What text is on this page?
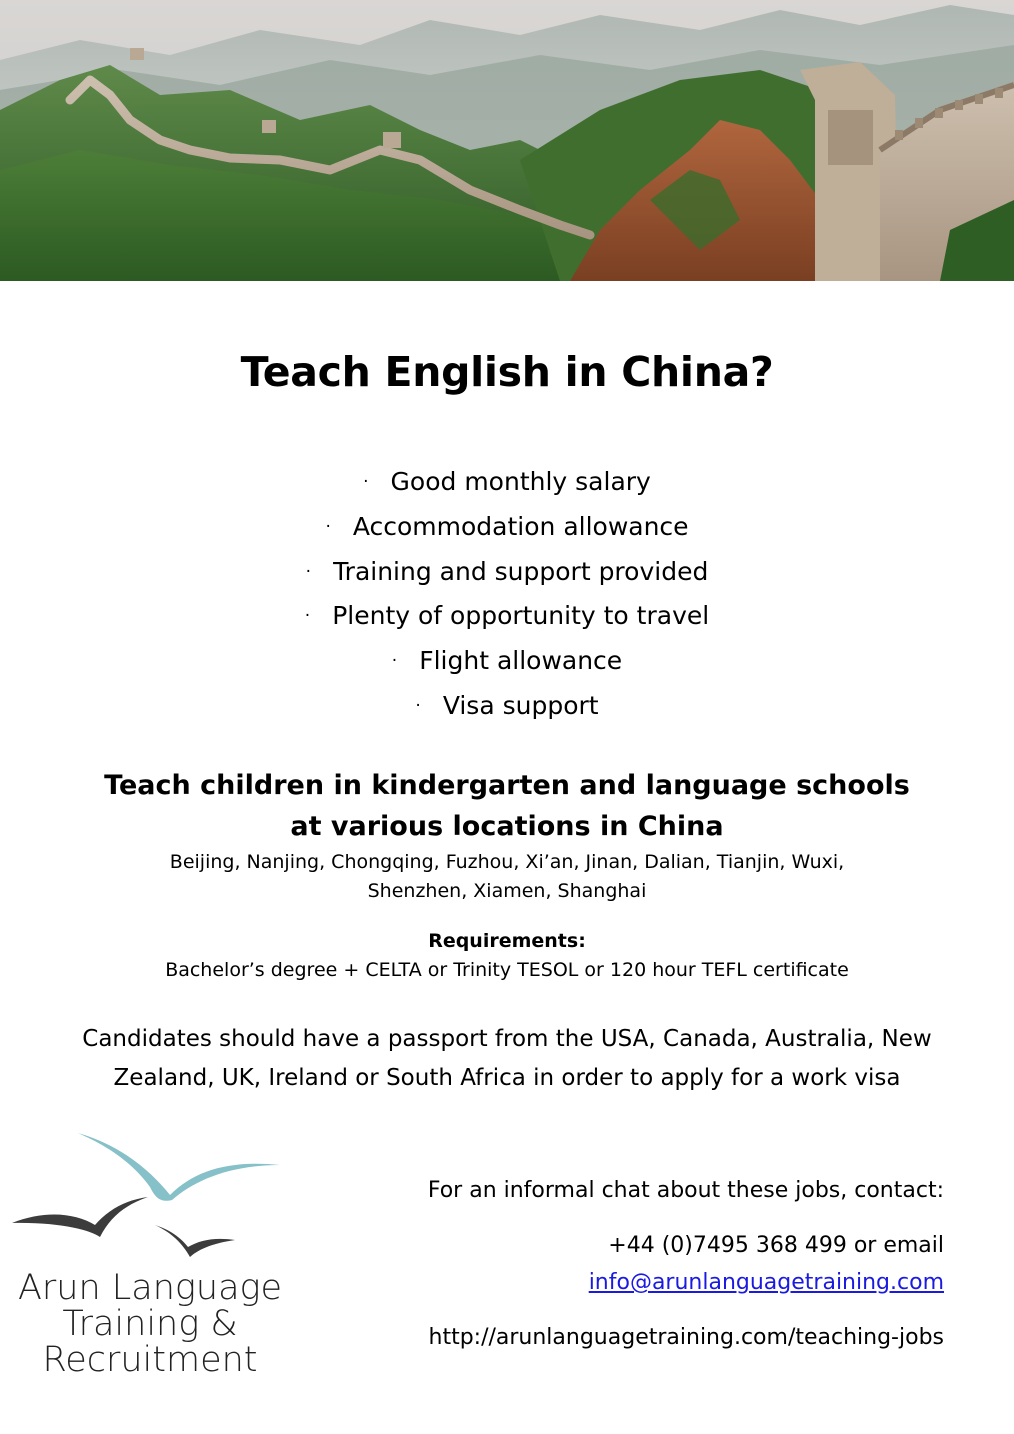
Teach English in China?
· Good monthly salary
· Accommodation allowance
· Training and support provided
· Plenty of opportunity to travel
· Flight allowance
· Visa support
Teach children in kindergarten and language schools
at various locations in China
Beijing, Nanjing, Chongqing, Fuzhou, Xi’an, Jinan, Dalian, Tianjin, Wuxi,
Shenzhen, Xiamen, Shanghai
Requirements:
Bachelor’s degree + CELTA or Trinity TESOL or 120 hour TEFL certificate
Candidates should have a passport from the USA, Canada, Australia, New Zealand, UK, Ireland or South Africa in order to apply for a work visa
Arun Language
Training &
Recruitment
For an informal chat about these jobs, contact:
+44 (0)7495 368 499 or email
info@arunlanguagetraining.com
http://arunlanguagetraining.com/teaching-jobs
